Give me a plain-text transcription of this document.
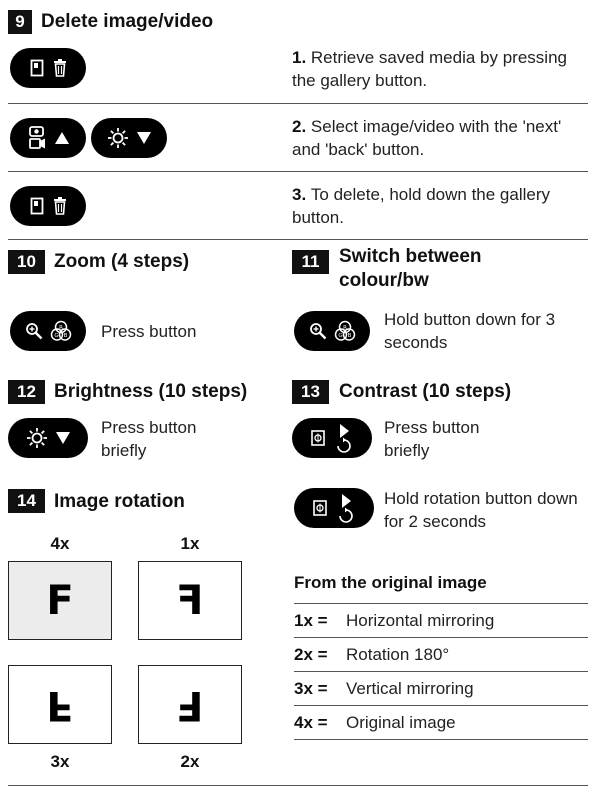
9 Delete image/video
1. Retrieve saved media by pressing the gallery button.
2. Select image/video with the 'next' and 'back' button.
3. To delete, hold down the gallery button.
10 Zoom (4 steps)
R
G B Press button
11	Switch between colour/bw
R
G B
Hold button down for 3 seconds
12 Brightness (10 steps)
Press button briefly
13	Contrast (10 steps)
Press button briefly
14 Image rotation	Hold rotation button down for 2 seconds
4x	1x
F	F
F	F
3x	2x
From the original image
1x =	Horizontal mirroring
2x =	Rotation 180°
3x =	Vertical mirroring
4x =	Original image
